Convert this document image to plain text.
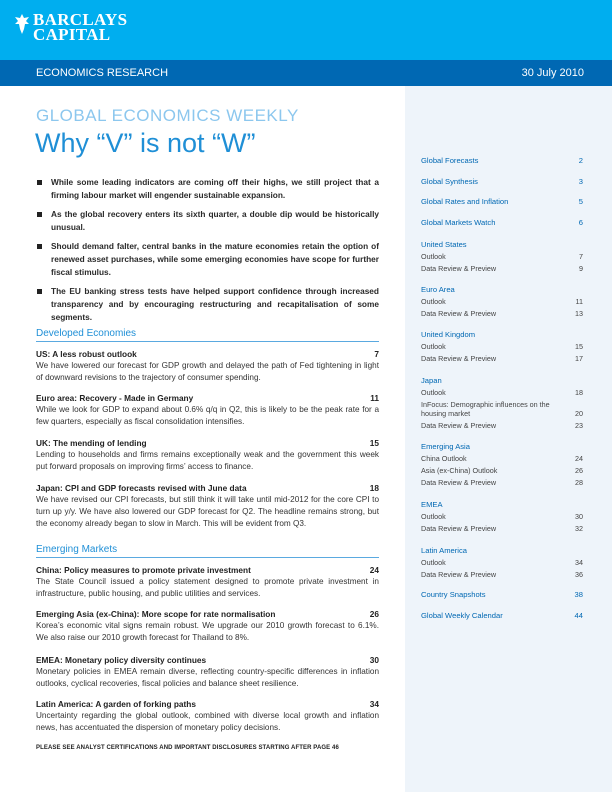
BARCLAYS
CAPITAL
ECONOMICS RESEARCH	30 July 2010
GLOBAL ECONOMICS WEEKLY
Why “V” is not “W”
While some leading indicators are coming off their highs, we still project that a firming labour market will engender sustainable expansion.
As the global recovery enters its sixth quarter, a double dip would be historically unusual.
Should demand falter, central banks in the mature economies retain the option of renewed asset purchases, while some emerging economies have scope for further fiscal stimulus.
The EU banking stress tests have helped support confidence through increased transparency and by encouraging restructuring and recapitalisation of some segments.
Developed Economies
US: A less robust outlook	7
We have lowered our forecast for GDP growth and delayed the path of Fed tightening in light of downward revisions to the trajectory of consumer spending.
Euro area: Recovery - Made in Germany	11
While we look for GDP to expand about 0.6% q/q in Q2, this is likely to be the peak rate for a few quarters, especially as fiscal consolidation intensifies.
UK: The mending of lending	15
Lending to households and firms remains exceptionally weak and the government this week put forward proposals on improving firms’ access to finance.
Japan: CPI and GDP forecasts revised with June data	18
We have revised our CPI forecasts, but still think it will take until mid-2012 for the core CPI to turn up y/y. We have also lowered our GDP forecast for Q2. The headline remains strong, but the economy already began to slow in March. This will be evident from Q3.
Emerging Markets
China: Policy measures to promote private investment	24
The State Council issued a policy statement designed to promote private investment in infrastructure, public housing, and public utilities and services.
Emerging Asia (ex-China): More scope for rate normalisation	26
Korea’s economic vital signs remain robust. We upgrade our 2010 growth forecast to 6.1%. We also raise our 2010 growth forecast for Thailand to 8%.
EMEA: Monetary policy diversity continues	30
Monetary policies in EMEA remain diverse, reflecting country-specific differences in inflation outlooks, cyclical recoveries, fiscal policies and balance sheet resilience.
Latin America: A garden of forking paths	34
Uncertainty regarding the global outlook, combined with diverse local growth and inflation news, has accentuated the dispersion of monetary policy decisions.
PLEASE SEE ANALYST CERTIFICATIONS AND IMPORTANT DISCLOSURES STARTING AFTER PAGE 46
Global Forecasts	2
Global Synthesis	3
Global Rates and Inflation	5
Global Markets Watch	6
United States
Outlook	7
Data Review & Preview	9
Euro Area
Outlook	11
Data Review & Preview	13
United Kingdom
Outlook	15
Data Review & Preview	17
Japan
Outlook	18
InFocus: Demographic influences on the housing market	20
Data Review & Preview	23
Emerging Asia
China Outlook	24
Asia (ex-China) Outlook	26
Data Review & Preview	28
EMEA
Outlook	30
Data Review & Preview	32
Latin America
Outlook	34
Data Review & Preview	36
Country Snapshots	38
Global Weekly Calendar	44
